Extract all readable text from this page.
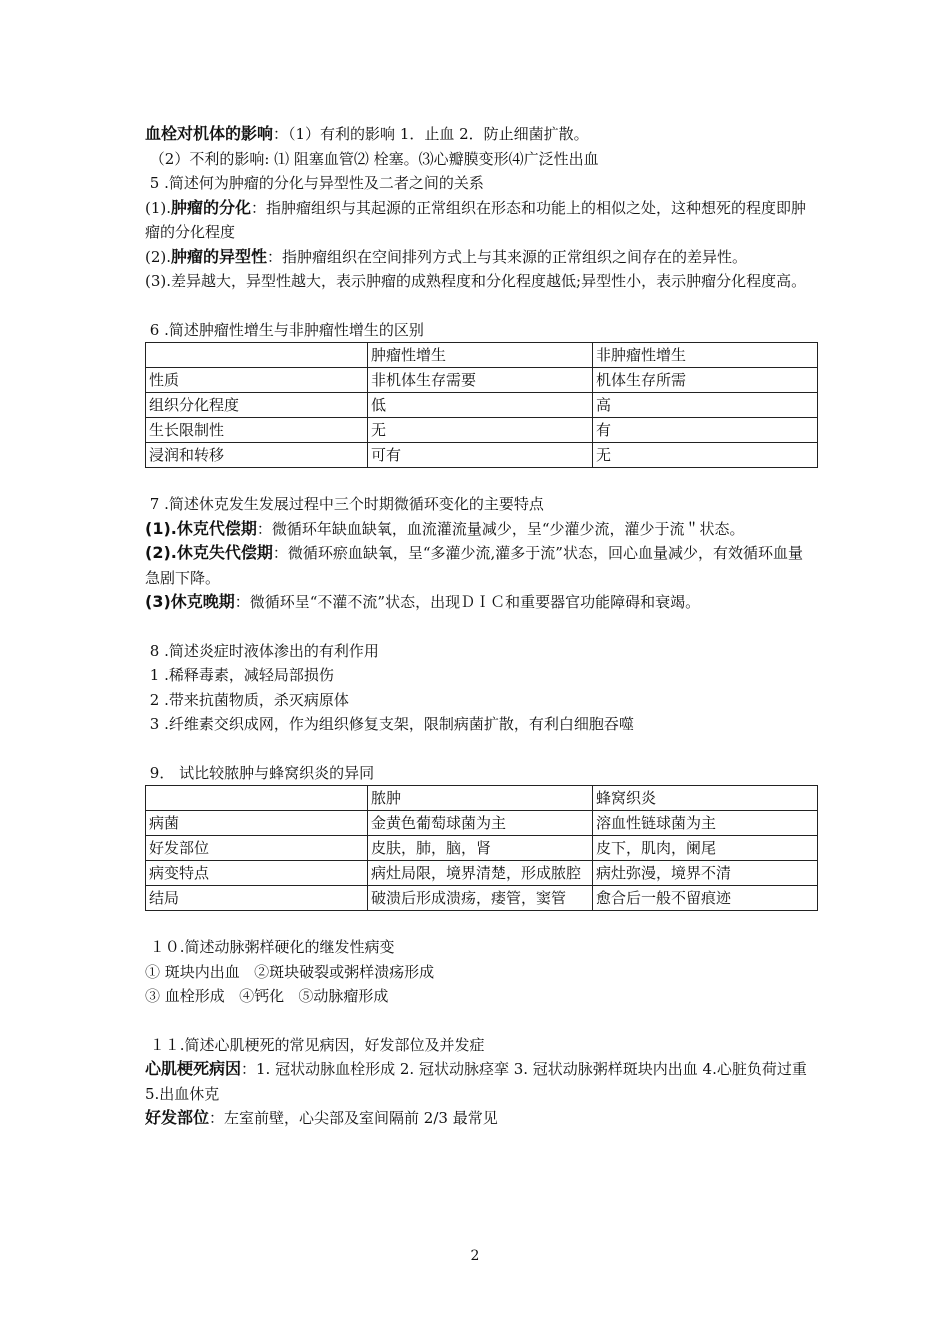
血栓对机体的影响：（1）有利的影响 1．止血 2．防止细菌扩散。

（2）不利的影响: ⑴ 阻塞血管⑵ 栓塞。⑶心瓣膜变形⑷广泛性出血

5 .简述何为肿瘤的分化与异型性及二者之间的关系

(1).肿瘤的分化：指肿瘤组织与其起源的正常组织在形态和功能上的相似之处，这种想死的程度即肿瘤的分化程度

(2).肿瘤的异型性：指肿瘤组织在空间排列方式上与其来源的正常组织之间存在的差异性。

(3).差异越大，异型性越大，表示肿瘤的成熟程度和分化程度越低;异型性小，表示肿瘤分化程度高。

6 .简述肿瘤性增生与非肿瘤性增生的区别

	肿瘤性增生	非肿瘤性增生
性质	非机体生存需要	机体生存所需
组织分化程度	低	高
生长限制性	无	有
浸润和转移	可有	无

7 .简述休克发生发展过程中三个时期微循环变化的主要特点

(1).休克代偿期：微循环年缺血缺氧，血流灌流量减少，呈“少灌少流，灌少于流＂状态。

(2).休克失代偿期：微循环瘀血缺氧，呈“多灌少流,灌多于流”状态，回心血量减少，有效循环血量急剧下降。

(3)休克晚期：微循环呈“不灌不流”状态，出现ＤＩＣ和重要器官功能障碍和衰竭。

8 .简述炎症时液体渗出的有利作用

1 .稀释毒素，减轻局部损伤

2 .带来抗菌物质，杀灭病原体

3 .纤维素交织成网，作为组织修复支架，限制病菌扩散，有利白细胞吞噬

9． 试比较脓肿与蜂窝织炎的异同

	脓肿	蜂窝织炎
病菌	金黄色葡萄球菌为主	溶血性链球菌为主
好发部位	皮肤，肺，脑，肾	皮下，肌肉，阑尾
病变特点	病灶局限，境界清楚，形成脓腔	病灶弥漫，境界不清
结局	破溃后形成溃疡，瘘管，窦管	愈合后一般不留痕迹

１０.简述动脉粥样硬化的继发性病变

① 斑块内出血   ②斑块破裂或粥样溃疡形成

③ 血栓形成   ④钙化   ⑤动脉瘤形成

１１.简述心肌梗死的常见病因，好发部位及并发症

心肌梗死病因：1. 冠状动脉血栓形成 2. 冠状动脉痉挛 3. 冠状动脉粥样斑块内出血 4.心脏负荷过重 5.出血休克

好发部位：左室前壁，心尖部及室间隔前 2/3 最常见

2
